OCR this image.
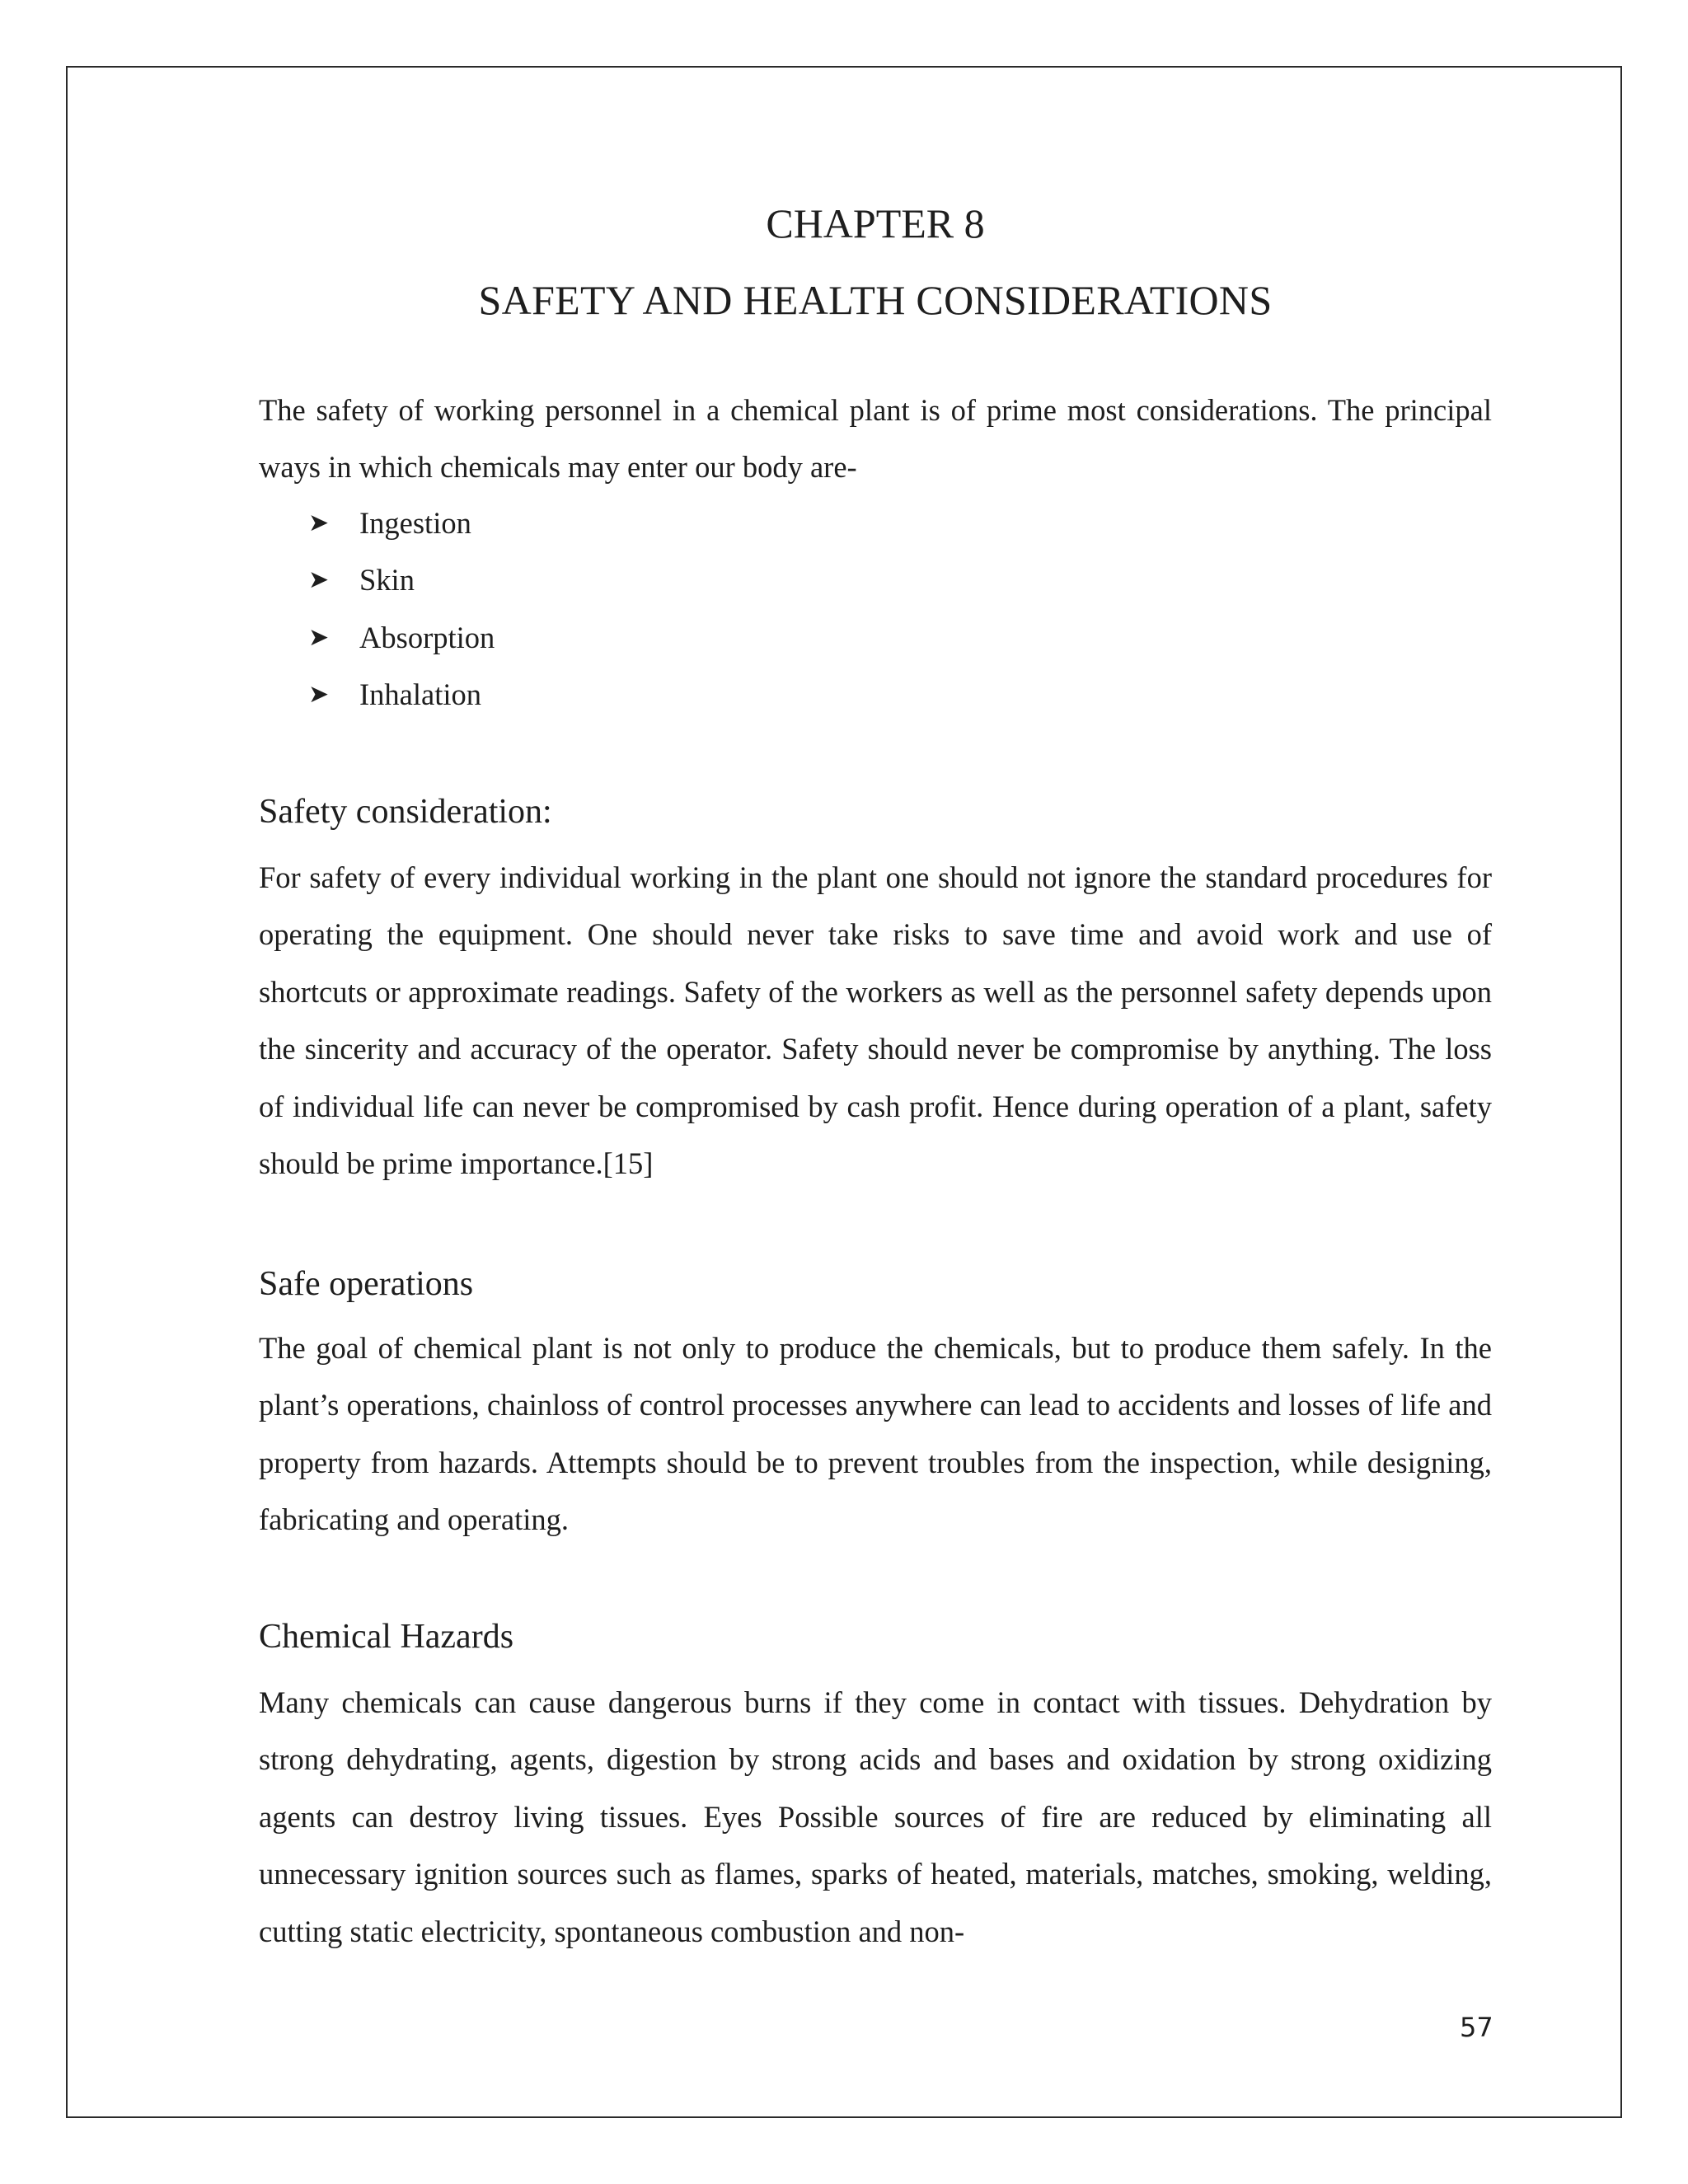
CHAPTER 8
SAFETY AND HEALTH CONSIDERATIONS

The safety of working personnel in a chemical plant is of prime most considerations. The principal ways in which chemicals may enter our body are-

➤	Ingestion
➤	Skin
➤	Absorption
➤	Inhalation
Safety consideration:

For safety of every individual working in the plant one should not ignore the standard procedures for operating the equipment. One should never take risks to save time and avoid work and use of shortcuts or approximate readings. Safety of the workers as well as the personnel safety depends upon the sincerity and accuracy of the operator. Safety should never be compromise by anything. The loss of individual life can never be compromised by cash profit. Hence during operation of a plant, safety should be prime importance.[15]

Safe operations

The goal of chemical plant is not only to produce the chemicals, but to produce them safely. In the plant’s operations, chainloss of control processes anywhere can lead to accidents and losses of life and property from hazards. Attempts should be to prevent troubles from the inspection, while designing, fabricating and operating.

Chemical Hazards

Many chemicals can cause dangerous burns if they come in contact with tissues. Dehydration by strong dehydrating, agents, digestion by strong acids and bases and oxidation by strong oxidizing agents can destroy living tissues. Eyes Possible sources of fire are reduced by eliminating all unnecessary ignition sources such as flames, sparks of heated, materials, matches, smoking, welding, cutting static electricity, spontaneous combustion and non-

57
